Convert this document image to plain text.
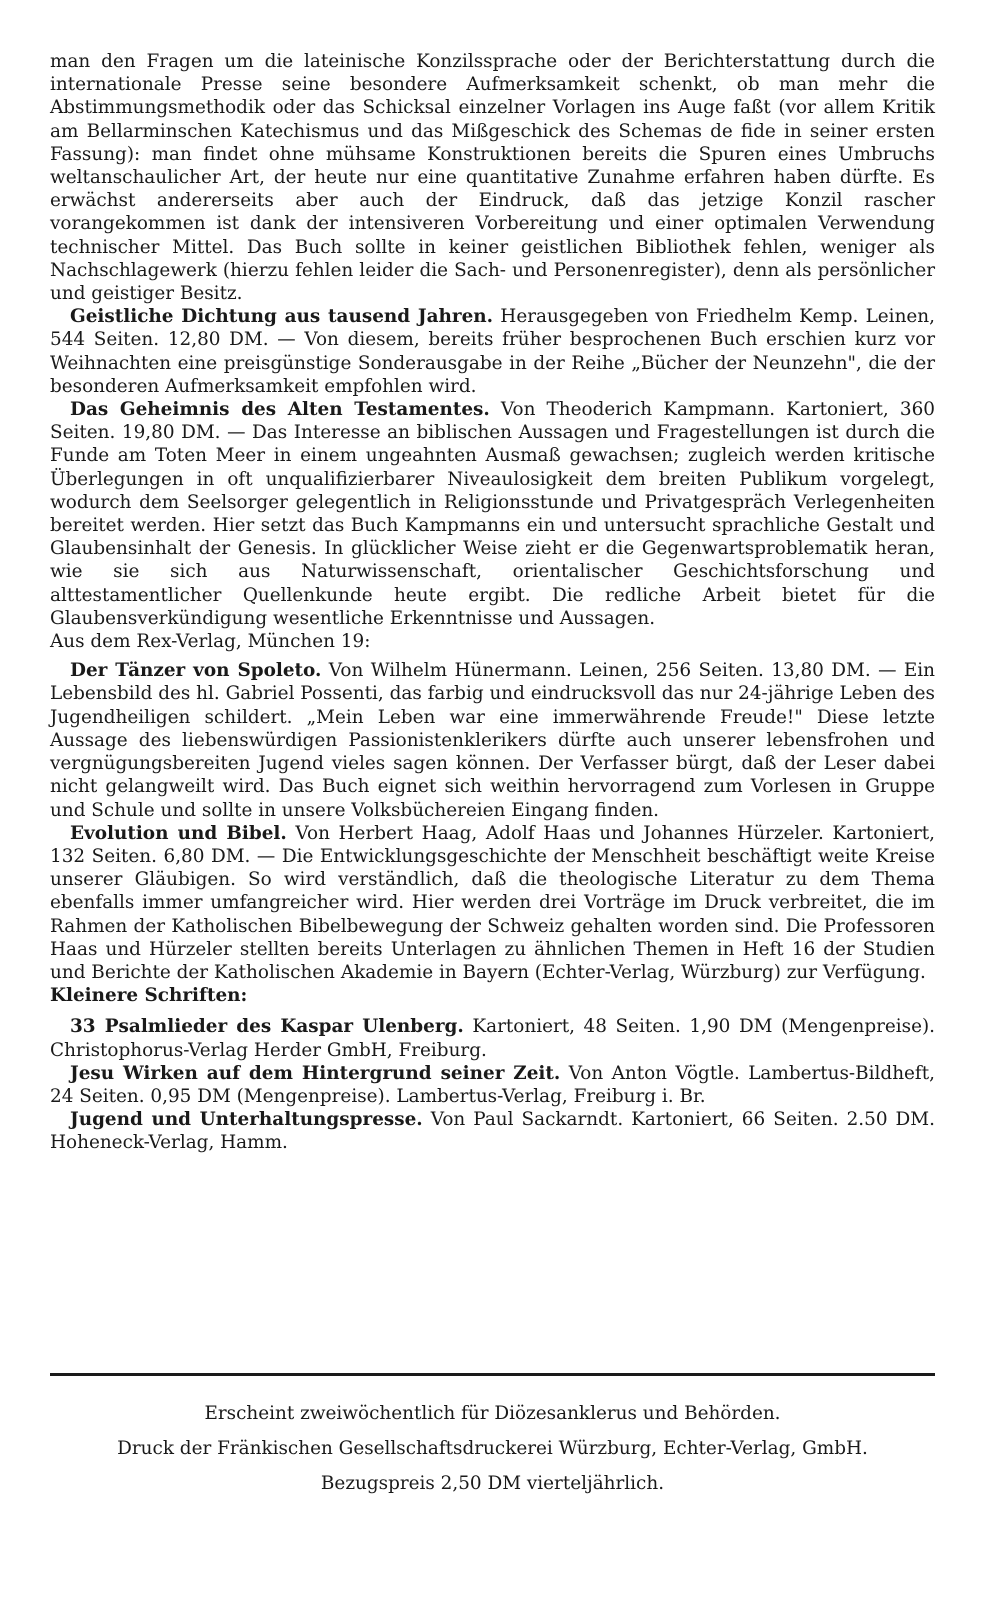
man den Fragen um die lateinische Konzilssprache oder der Berichterstattung durch die internationale Presse seine besondere Aufmerksamkeit schenkt, ob man mehr die Abstimmungsmethodik oder das Schicksal einzelner Vorlagen ins Auge faßt (vor allem Kritik am Bellarminschen Katechismus und das Mißgeschick des Schemas de fide in seiner ersten Fassung): man findet ohne mühsame Konstruktionen bereits die Spuren eines Umbruchs weltanschaulicher Art, der heute nur eine quantitative Zunahme erfahren haben dürfte. Es erwächst andererseits aber auch der Eindruck, daß das jetzige Konzil rascher vorangekommen ist dank der intensiveren Vorbereitung und einer optimalen Verwendung technischer Mittel. Das Buch sollte in keiner geistlichen Bibliothek fehlen, weniger als Nachschlagewerk (hierzu fehlen leider die Sach- und Personenregister), denn als persönlicher und geistiger Besitz.

Geistliche Dichtung aus tausend Jahren. Herausgegeben von Friedhelm Kemp. Leinen, 544 Seiten. 12,80 DM. — Von diesem, bereits früher besprochenen Buch erschien kurz vor Weihnachten eine preisgünstige Sonderausgabe in der Reihe „Bücher der Neunzehn", die der besonderen Aufmerksamkeit empfohlen wird.

Das Geheimnis des Alten Testamentes. Von Theoderich Kampmann. Kartoniert, 360 Seiten. 19,80 DM. — Das Interesse an biblischen Aussagen und Fragestellungen ist durch die Funde am Toten Meer in einem ungeahnten Ausmaß gewachsen; zugleich werden kritische Überlegungen in oft unqualifizierbarer Niveaulosigkeit dem breiten Publikum vorgelegt, wodurch dem Seelsorger gelegentlich in Religionsstunde und Privatgespräch Verlegenheiten bereitet werden. Hier setzt das Buch Kampmanns ein und untersucht sprachliche Gestalt und Glaubensinhalt der Genesis. In glücklicher Weise zieht er die Gegenwartsproblematik heran, wie sie sich aus Naturwissenschaft, orientalischer Geschichtsforschung und alttestamentlicher Quellenkunde heute ergibt. Die redliche Arbeit bietet für die Glaubensverkündigung wesentliche Erkenntnisse und Aussagen.

Aus dem Rex-Verlag, München 19:

Der Tänzer von Spoleto. Von Wilhelm Hünermann. Leinen, 256 Seiten. 13,80 DM. — Ein Lebensbild des hl. Gabriel Possenti, das farbig und eindrucksvoll das nur 24-jährige Leben des Jugendheiligen schildert. „Mein Leben war eine immerwährende Freude!" Diese letzte Aussage des liebenswürdigen Passionistenklerikers dürfte auch unserer lebensfrohen und vergnügungsbereiten Jugend vieles sagen können. Der Verfasser bürgt, daß der Leser dabei nicht gelangweilt wird. Das Buch eignet sich weithin hervorragend zum Vorlesen in Gruppe und Schule und sollte in unsere Volksbüchereien Eingang finden.

Evolution und Bibel. Von Herbert Haag, Adolf Haas und Johannes Hürzeler. Kartoniert, 132 Seiten. 6,80 DM. — Die Entwicklungsgeschichte der Menschheit beschäftigt weite Kreise unserer Gläubigen. So wird verständlich, daß die theologische Literatur zu dem Thema ebenfalls immer umfangreicher wird. Hier werden drei Vorträge im Druck verbreitet, die im Rahmen der Katholischen Bibelbewegung der Schweiz gehalten worden sind. Die Professoren Haas und Hürzeler stellten bereits Unterlagen zu ähnlichen Themen in Heft 16 der Studien und Berichte der Katholischen Akademie in Bayern (Echter-Verlag, Würzburg) zur Verfügung.

Kleinere Schriften:

33 Psalmlieder des Kaspar Ulenberg. Kartoniert, 48 Seiten. 1,90 DM (Mengenpreise). Christophorus-Verlag Herder GmbH, Freiburg.

Jesu Wirken auf dem Hintergrund seiner Zeit. Von Anton Vögtle. Lambertus-Bildheft, 24 Seiten. 0,95 DM (Mengenpreise). Lambertus-Verlag, Freiburg i. Br.

Jugend und Unterhaltungspresse. Von Paul Sackarndt. Kartoniert, 66 Seiten. 2.50 DM. Hoheneck-Verlag, Hamm.

Erscheint zweiwöchentlich für Diözesanklerus und Behörden.

Druck der Fränkischen Gesellschaftsdruckerei Würzburg, Echter-Verlag, GmbH.

Bezugspreis 2,50 DM vierteljährlich.
